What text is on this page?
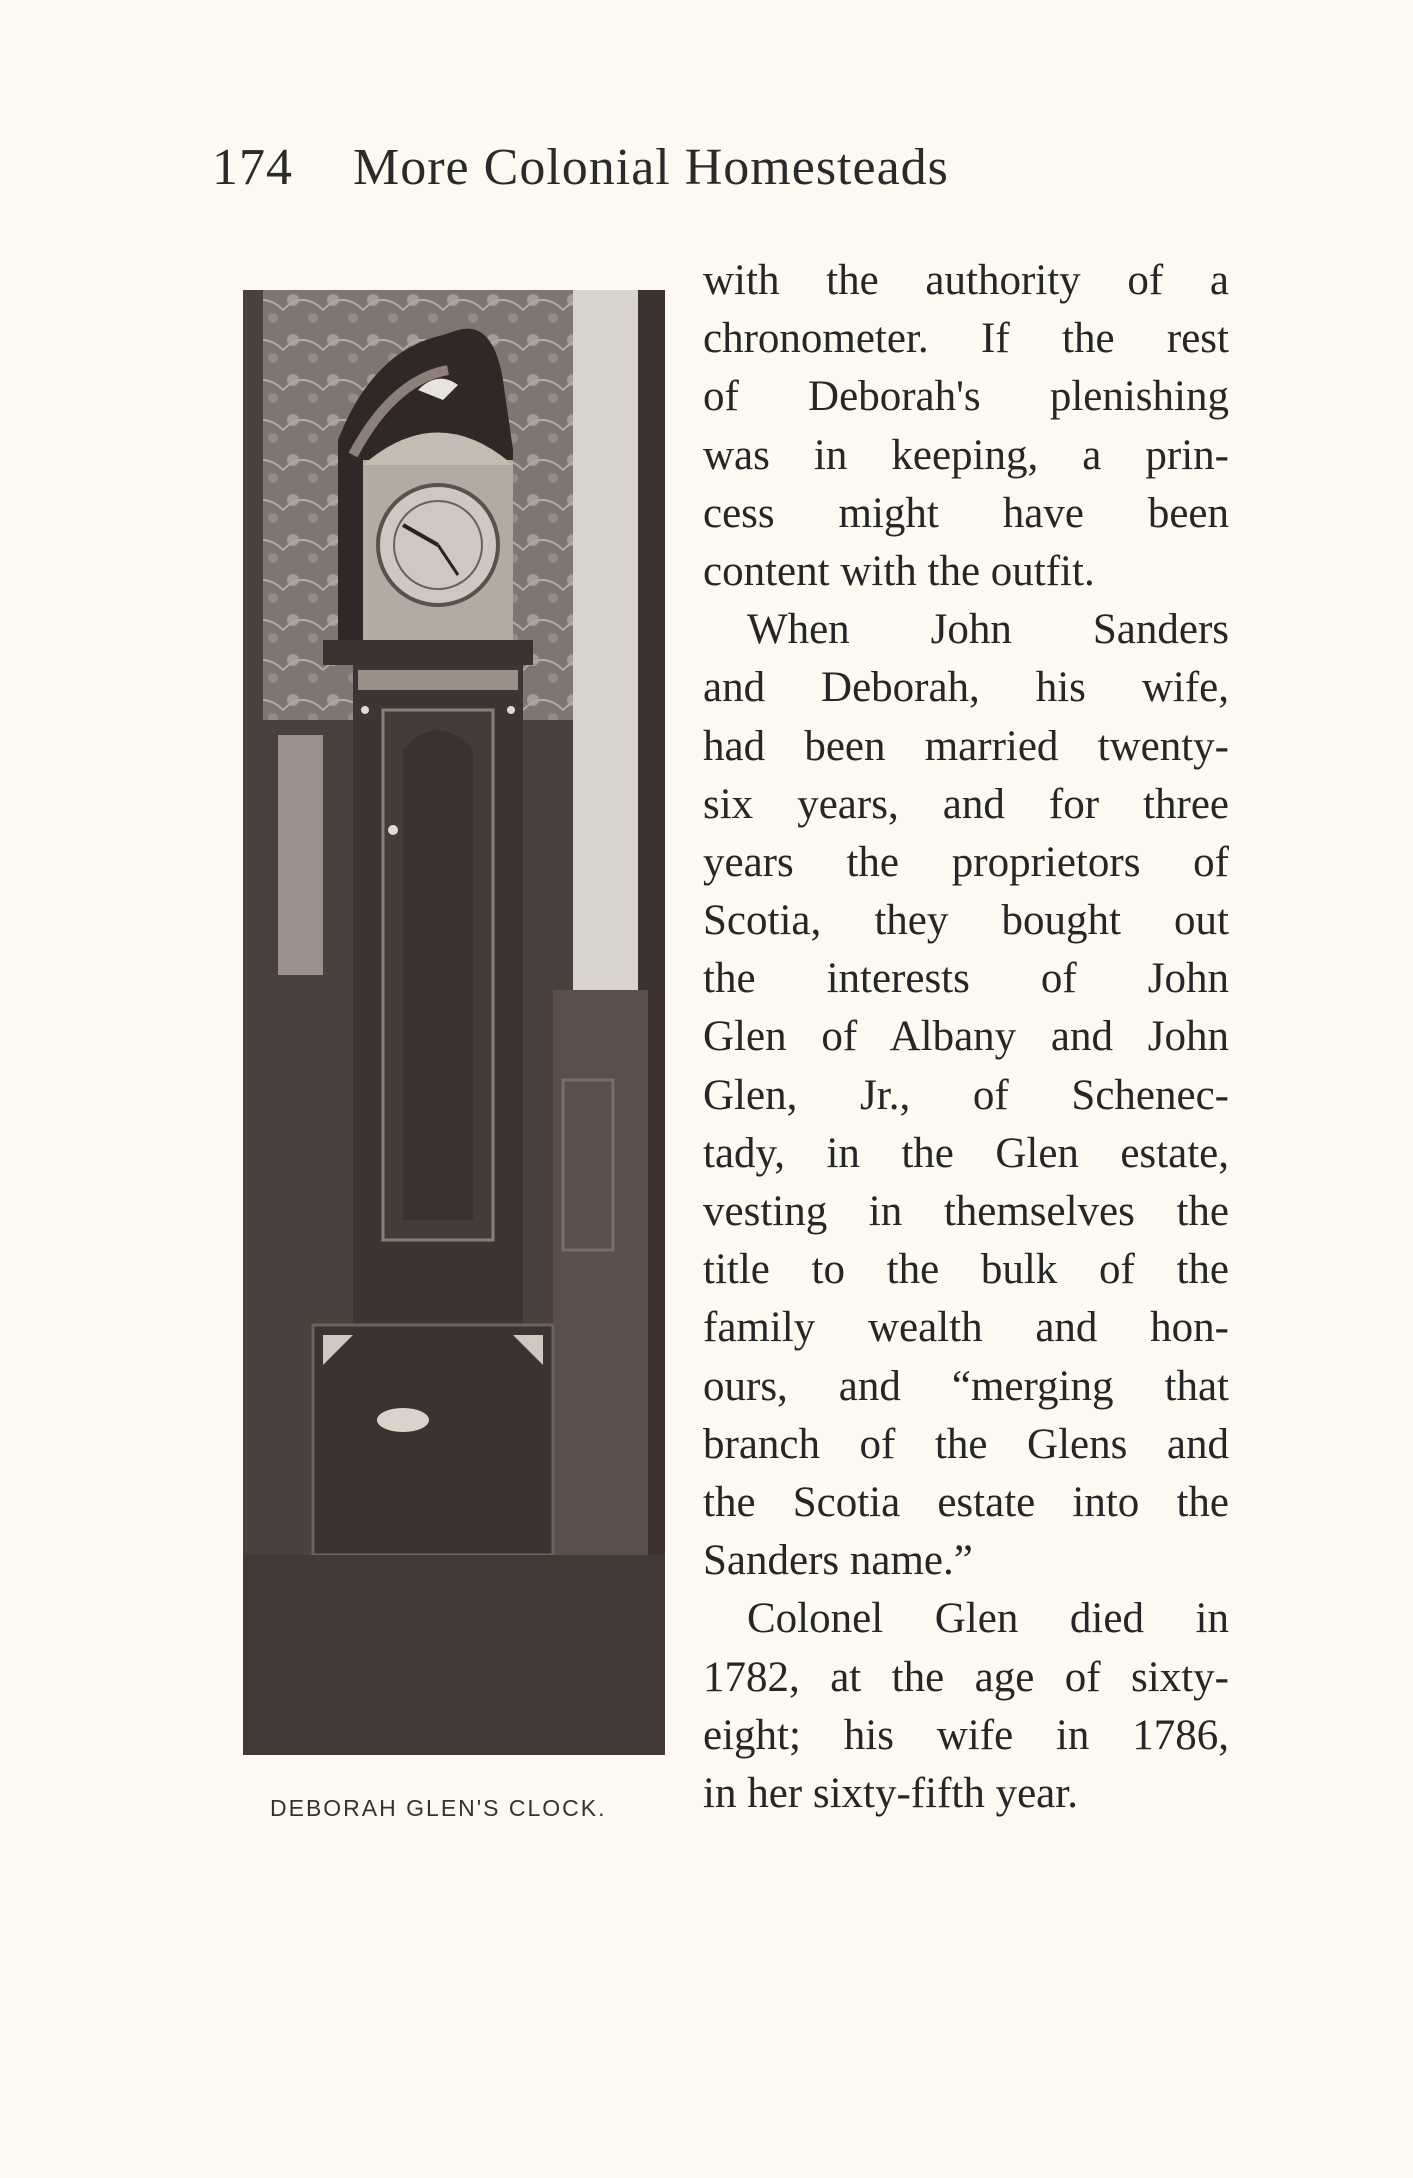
174 More Colonial Homesteads
DEBORAH GLEN'S CLOCK.
with the authority of a
chronometer. If the rest
of Deborah's plenishing
was in keeping, a prin-
cess might have been
content with the outfit.
When John Sanders
and Deborah, his wife,
had been married twenty-
six years, and for three
years the proprietors of
Scotia, they bought out
the interests of John
Glen of Albany and John
Glen, Jr., of Schenec-
tady, in the Glen estate,
vesting in themselves the
title to the bulk of the
family wealth and hon-
ours, and “merging that
branch of the Glens and
the Scotia estate into the
Sanders name.”
Colonel Glen died in
1782, at the age of sixty-
eight; his wife in 1786,
in her sixty-fifth year.
